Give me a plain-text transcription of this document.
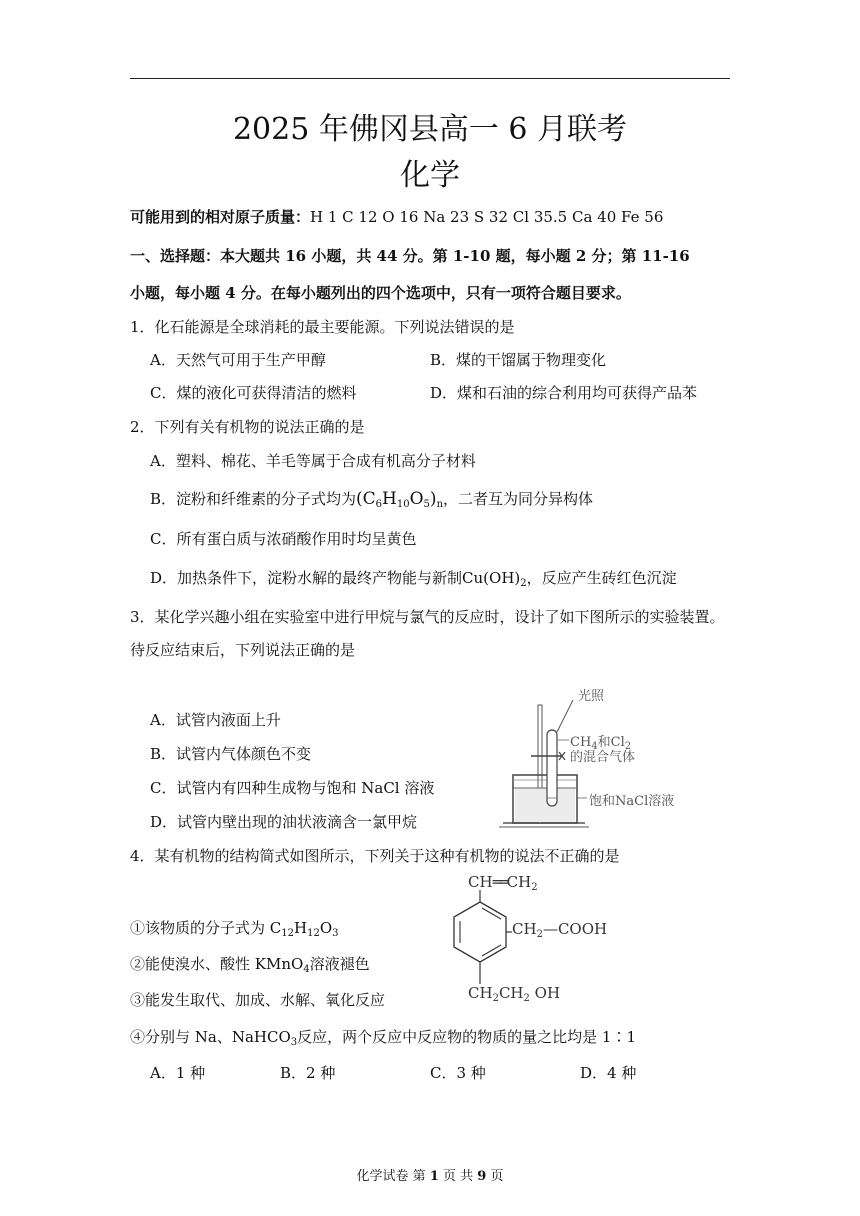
2025 年佛冈县高一 6 月联考
化学
可能用到的相对原子质量：H 1 C 12 O 16 Na 23 S 32 Cl 35.5 Ca 40 Fe 56
一、选择题：本大题共 16 小题，共 44 分。第 1-10 题，每小题 2 分；第 11-16
小题，每小题 4 分。在每小题列出的四个选项中，只有一项符合题目要求。
1．化石能源是全球消耗的最主要能源。下列说法错误的是
A．天然气可用于生产甲醇	B．煤的干馏属于物理变化
C．煤的液化可获得清洁的燃料	D．煤和石油的综合利用均可获得产品苯
2．下列有关有机物的说法正确的是
A．塑料、棉花、羊毛等属于合成有机高分子材料
B．淀粉和纤维素的分子式均为$(C_6H_{10}O_5)_n$，二者互为同分异构体
C．所有蛋白质与浓硝酸作用时均呈黄色
D．加热条件下，淀粉水解的最终产物能与新制$Cu(OH)_2$，反应产生砖红色沉淀
3．某化学兴趣小组在实验室中进行甲烷与氯气的反应时，设计了如下图所示的实验装置。
待反应结束后，下列说法正确的是
A．试管内液面上升
B．试管内气体颜色不变
C．试管内有四种生成物与饱和 NaCl 溶液
D．试管内壁出现的油状液滴含一氯甲烷
光照
$CH_4$和$Cl_2$
的混合气体
饱和NaCl溶液
4．某有机物的结构简式如图所示，下列关于这种有机物的说法不正确的是
①该物质的分子式为 $C_{12}H_{12}O_3$
②能使溴水、酸性 KMnO$_4$溶液褪色
③能发生取代、加成、水解、氧化反应
④分别与 Na、NaHCO$_3$反应，两个反应中反应物的物质的量之比均是 1∶1
A．1 种	B．2 种	C．3 种	D．4 种
$CH══CH_2$
$CH_2—COOH$
$CH_2CH_2$ OH
化学试卷 第 1 页 共 9 页
